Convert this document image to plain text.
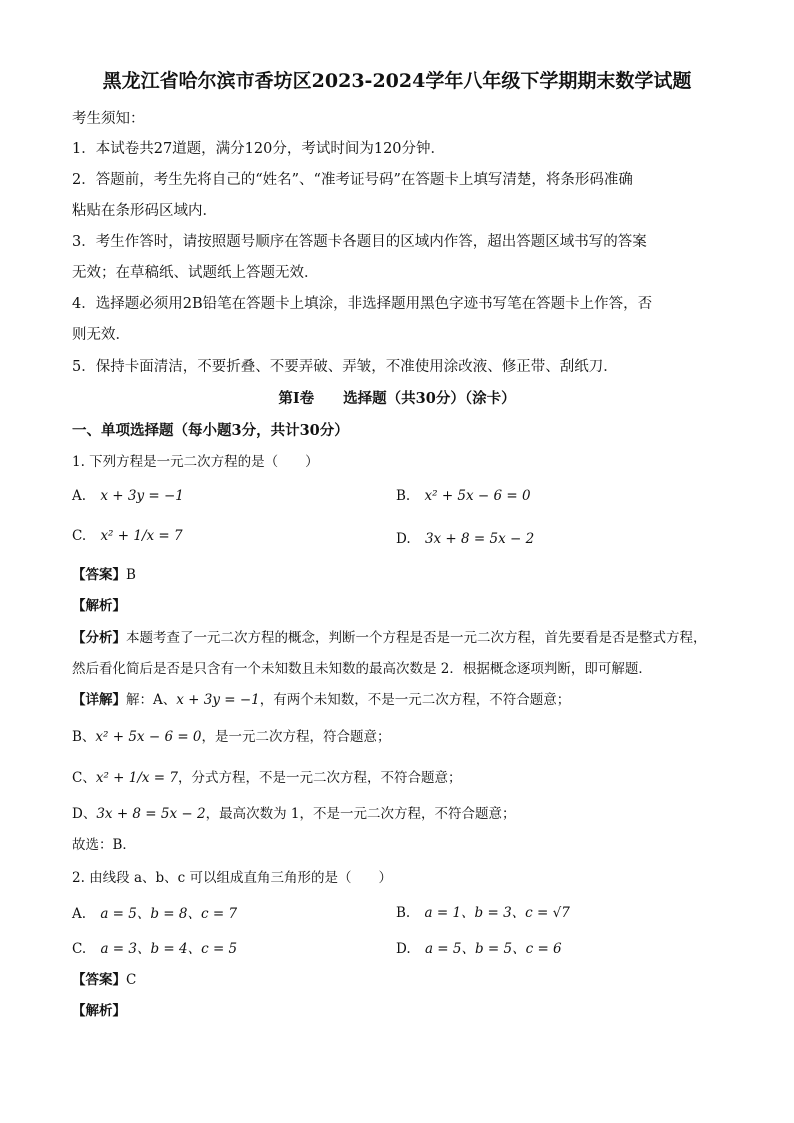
黑龙江省哈尔滨市香坊区2023-2024学年八年级下学期期末数学试题
考生须知：
1．本试卷共27道题，满分120分，考试时间为120分钟．
2．答题前，考生先将自己的“姓名”、“准考证号码”在答题卡上填写清楚，将条形码准确
粘贴在条形码区域内．
3．考生作答时，请按照题号顺序在答题卡各题目的区域内作答，超出答题区域书写的答案
无效；在草稿纸、试题纸上答题无效．
4．选择题必须用2B铅笔在答题卡上填涂，非选择题用黑色字迹书写笔在答题卡上作答，否
则无效．
5．保持卡面清洁，不要折叠、不要弄破、弄皱，不准使用涂改液、修正带、刮纸刀．
第Ⅰ卷　　选择题（共30分）（涂卡）
一、单项选择题（每小题3分，共计30分）
1. 下列方程是一元二次方程的是（　　）
A. x + 3y = −1	B. x² + 5x − 6 = 0
C. x² + 1/x = 7	D. 3x + 8 = 5x − 2
【答案】B
【解析】
【分析】本题考查了一元二次方程的概念，判断一个方程是否是一元二次方程，首先要看是否是整式方程，
然后看化简后是否是只含有一个未知数且未知数的最高次数是 2．根据概念逐项判断，即可解题．
【详解】解：A、x + 3y = −1，有两个未知数，不是一元二次方程，不符合题意；
B、x² + 5x − 6 = 0，是一元二次方程，符合题意；
C、x² + 1/x = 7，分式方程，不是一元二次方程，不符合题意；
D、3x + 8 = 5x − 2，最高次数为 1，不是一元二次方程，不符合题意；
故选：B．
2. 由线段 a、b、c 可以组成直角三角形的是（　　）
A. a = 5、b = 8、c = 7	B. a = 1、b = 3、c = √7
C. a = 3、b = 4、c = 5	D. a = 5、b = 5、c = 6
【答案】C
【解析】
